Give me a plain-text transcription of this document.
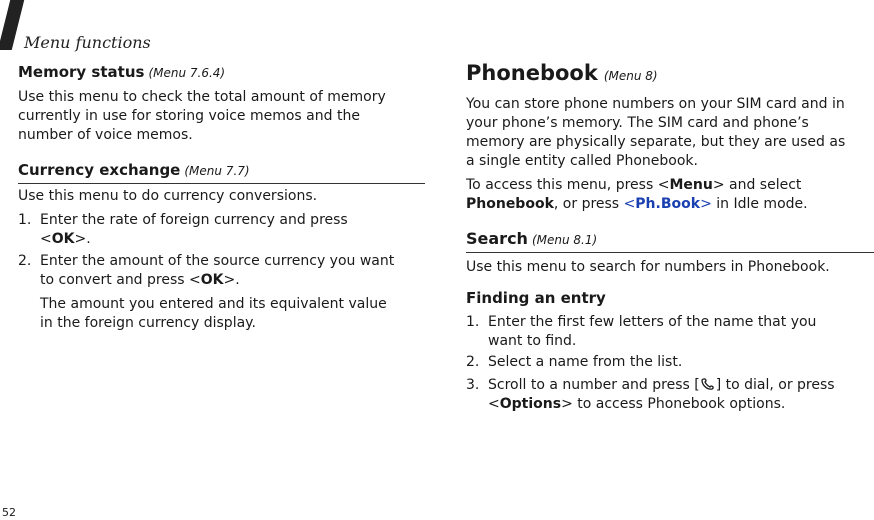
Menu functions
Memory status (Menu 7.6.4)
Use this menu to check the total amount of memory
currently in use for storing voice memos and the
number of voice memos.
Currency exchange (Menu 7.7)
Use this menu to do currency conversions.
1. Enter the rate of foreign currency and press
<OK>.
2. Enter the amount of the source currency you want
to convert and press <OK>.
The amount you entered and its equivalent value
in the foreign currency display.
Phonebook (Menu 8)
You can store phone numbers on your SIM card and in
your phone’s memory. The SIM card and phone’s
memory are physically separate, but they are used as
a single entity called Phonebook.
To access this menu, press <Menu> and select
Phonebook, or press <Ph.Book> in Idle mode.
Search (Menu 8.1)
Use this menu to search for numbers in Phonebook.
Finding an entry
1. Enter the first few letters of the name that you
want to find.
2. Select a name from the list.
3. Scroll to a number and press [ ] to dial, or press
<Options> to access Phonebook options.
52
